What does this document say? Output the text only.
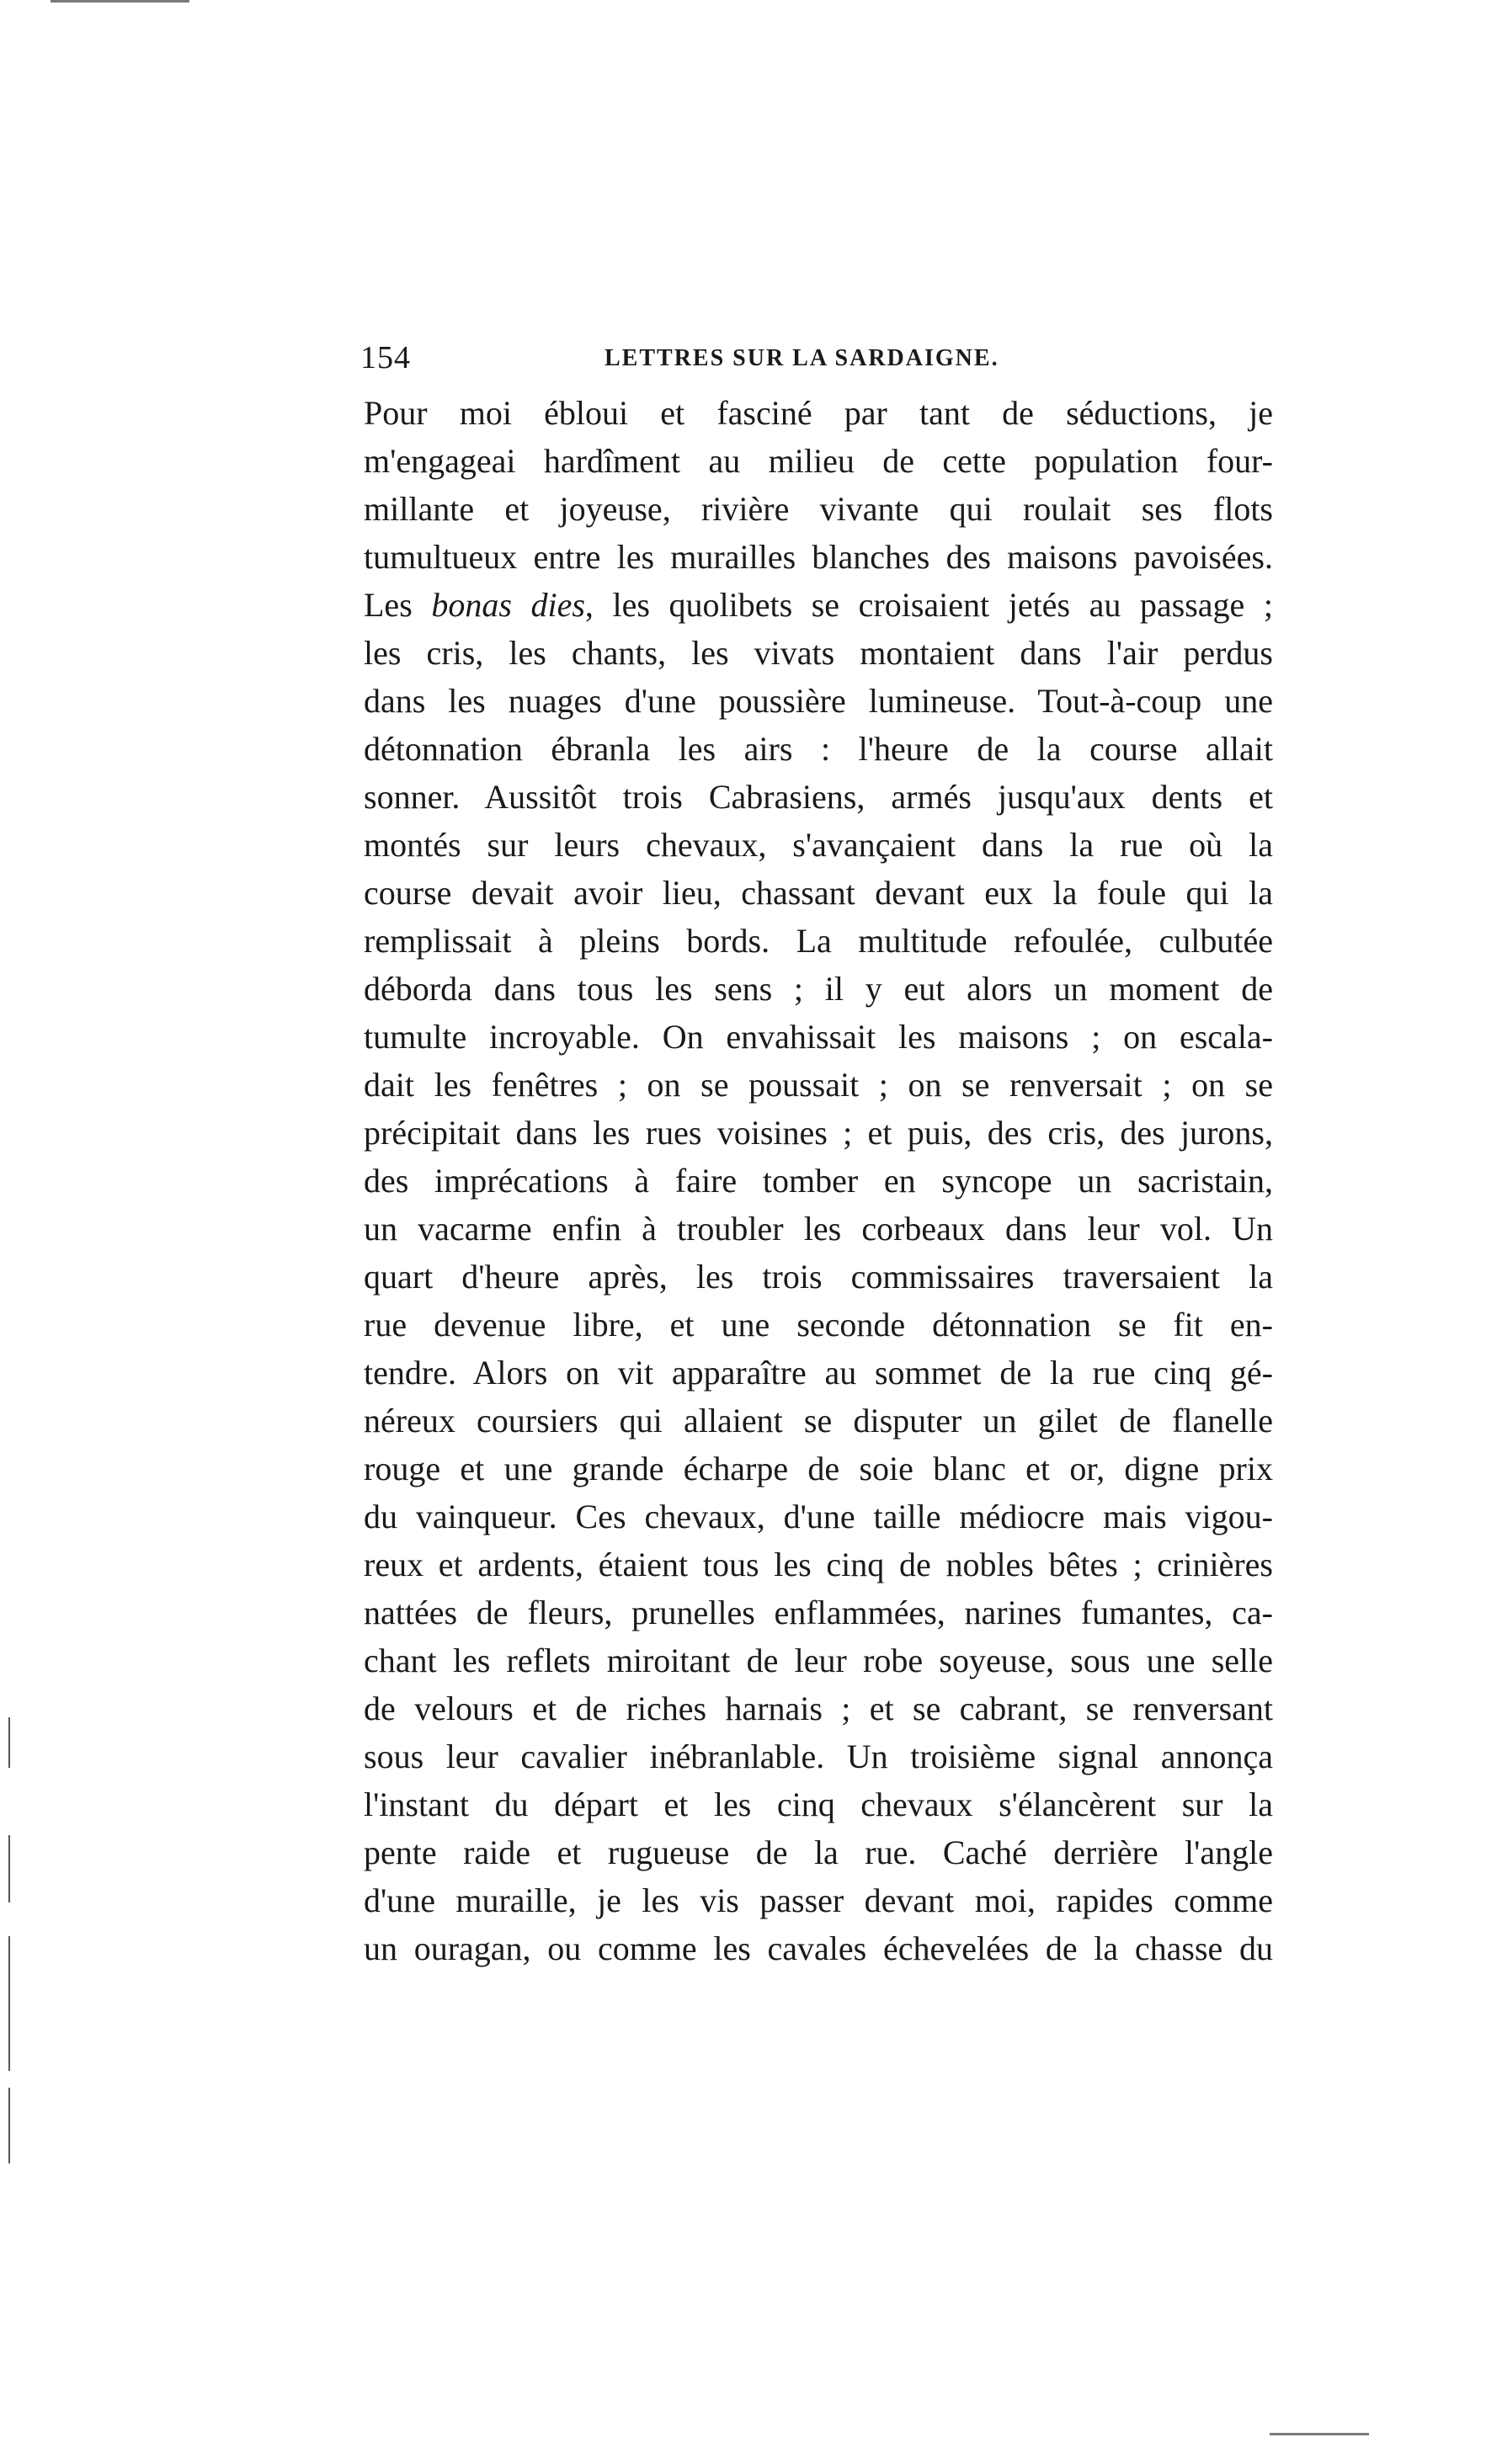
154	LETTRES SUR LA SARDAIGNE.
Pour moi ébloui et fasciné par tant de séductions, je
m'engageai hardîment au milieu de cette population four-
millante et joyeuse, rivière vivante qui roulait ses flots
tumultueux entre les murailles blanches des maisons pavoisées.
Les bonas dies, les quolibets se croisaient jetés au passage ;
les cris, les chants, les vivats montaient dans l'air perdus
dans les nuages d'une poussière lumineuse. Tout-à-coup une
détonnation ébranla les airs : l'heure de la course allait
sonner. Aussitôt trois Cabrasiens, armés jusqu'aux dents et
montés sur leurs chevaux, s'avançaient dans la rue où la
course devait avoir lieu, chassant devant eux la foule qui la
remplissait à pleins bords. La multitude refoulée, culbutée
déborda dans tous les sens ; il y eut alors un moment de
tumulte incroyable. On envahissait les maisons ; on escala-
dait les fenêtres ; on se poussait ; on se renversait ; on se
précipitait dans les rues voisines ; et puis, des cris, des jurons,
des imprécations à faire tomber en syncope un sacristain,
un vacarme enfin à troubler les corbeaux dans leur vol. Un
quart d'heure après, les trois commissaires traversaient la
rue devenue libre, et une seconde détonnation se fit en-
tendre. Alors on vit apparaître au sommet de la rue cinq gé-
néreux coursiers qui allaient se disputer un gilet de flanelle
rouge et une grande écharpe de soie blanc et or, digne prix
du vainqueur. Ces chevaux, d'une taille médiocre mais vigou-
reux et ardents, étaient tous les cinq de nobles bêtes ; crinières
nattées de fleurs, prunelles enflammées, narines fumantes, ca-
chant les reflets miroitant de leur robe soyeuse, sous une selle
de velours et de riches harnais ; et se cabrant, se renversant
sous leur cavalier inébranlable. Un troisième signal annonça
l'instant du départ et les cinq chevaux s'élancèrent sur la
pente raide et rugueuse de la rue. Caché derrière l'angle
d'une muraille, je les vis passer devant moi, rapides comme
un ouragan, ou comme les cavales échevelées de la chasse du
